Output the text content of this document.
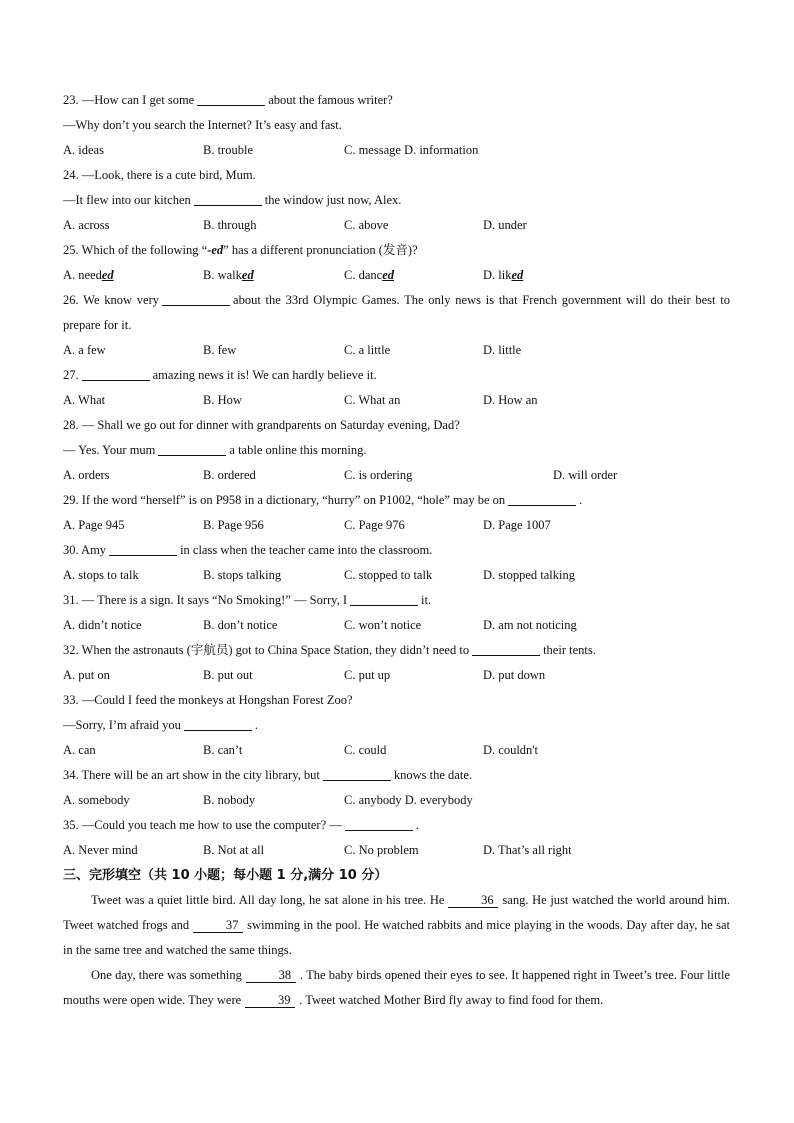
23. —How can I get some	about the famous writer?
—Why don’t you search the Internet? It’s easy and fast.
A. ideas	B. trouble	C. message D. information
24. —Look, there is a cute bird, Mum.
—It flew into our kitchen	the window just now, Alex.
A. across	B. through	C. above	D. under
25. Which of the following “-ed” has a different pronunciation (发音)?
A. needed	B. walked	C. danced	D. liked
26. We know very	about the 33rd Olympic Games. The only news is that French government will do their best to prepare for it.
A. a few	B. few	C. a little	D. little
27.	amazing news it is! We can hardly believe it.
A. What	B. How	C. What an	D. How an
28. — Shall we go out for dinner with grandparents on Saturday evening, Dad?
— Yes. Your mum	a table online this morning.
A. orders	B. ordered	C. is ordering	D. will order
29. If the word “herself” is on P958 in a dictionary, “hurry” on P1002, “hole” may be on	.
A. Page 945	B. Page 956	C. Page 976	D. Page 1007
30. Amy	in class when the teacher came into the classroom.
A. stops to talk	B. stops talking	C. stopped to talk	D. stopped talking
31. — There is a sign. It says “No Smoking!” — Sorry, I	it.
A. didn’t notice	B. don’t notice	C. won’t notice	D. am not noticing
32. When the astronauts (宇航员) got to China Space Station, they didn’t need to	their tents.
A. put on	B. put out	C. put up	D. put down
33. —Could I feed the monkeys at Hongshan Forest Zoo?
—Sorry, I’m afraid you	.
A. can	B. can’t	C. could	D. couldn't
34. There will be an art show in the city library, but	knows the date.
A. somebody	B. nobody	C. anybody D. everybody
35. —Could you teach me how to use the computer? —	.
A. Never mind	B. Not at all	C. No problem	D. That’s all right
三、完形填空（共 10 小题；每小题 1 分,满分 10 分）
Tweet was a quiet little bird. All day long, he sat alone in his tree. He	36 sang. He just watched the world around him. Tweet watched frogs and	37 swimming in the pool. He watched rabbits and mice playing in the woods. Day after day, he sat in the same tree and watched the same things.
One day, there was something	38 . The baby birds opened their eyes to see. It happened right in Tweet’s tree. Four little mouths were open wide. They were	39 . Tweet watched Mother Bird fly away to find food for them.
